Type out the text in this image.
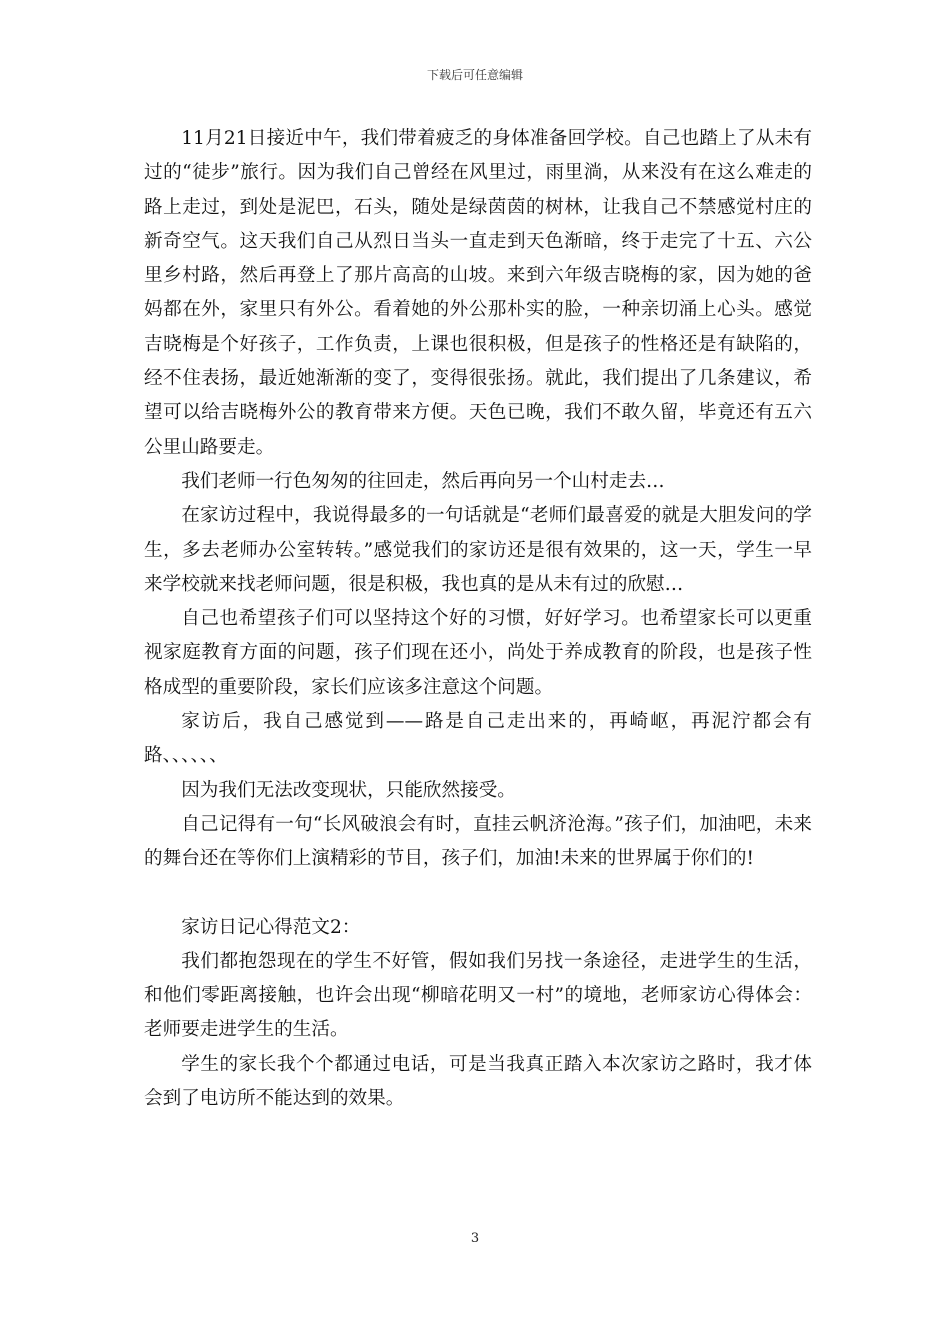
下载后可任意编辑

11月21日接近中午，我们带着疲乏的身体准备回学校。自己也踏上了从未有过的“徒步”旅行。因为我们自己曾经在风里过，雨里淌，从来没有在这么难走的路上走过，到处是泥巴，石头，随处是绿茵茵的树林，让我自己不禁感觉村庄的新奇空气。这天我们自己从烈日当头一直走到天色渐暗，终于走完了十五、六公里乡村路，然后再登上了那片高高的山坡。来到六年级吉晓梅的家，因为她的爸妈都在外，家里只有外公。看着她的外公那朴实的脸，一种亲切涌上心头。感觉吉晓梅是个好孩子，工作负责，上课也很积极，但是孩子的性格还是有缺陷的，经不住表扬，最近她渐渐的变了，变得很张扬。就此，我们提出了几条建议，希望可以给吉晓梅外公的教育带来方便。天色已晚，我们不敢久留，毕竟还有五六公里山路要走。

我们老师一行色匆匆的往回走，然后再向另一个山村走去…

在家访过程中，我说得最多的一句话就是“老师们最喜爱的就是大胆发问的学生，多去老师办公室转转。”感觉我们的家访还是很有效果的，这一天，学生一早来学校就来找老师问题，很是积极，我也真的是从未有过的欣慰…

自己也希望孩子们可以坚持这个好的习惯，好好学习。也希望家长可以更重视家庭教育方面的问题，孩子们现在还小，尚处于养成教育的阶段，也是孩子性格成型的重要阶段，家长们应该多注意这个问题。

家访后，我自己感觉到——路是自己走出来的，再崎岖，再泥泞都会有路、、、、、、

因为我们无法改变现状，只能欣然接受。

自己记得有一句“长风破浪会有时，直挂云帆济沧海。”孩子们，加油吧，未来的舞台还在等你们上演精彩的节目，孩子们，加油!未来的世界属于你们的!

家访日记心得范文2：

我们都抱怨现在的学生不好管，假如我们另找一条途径，走进学生的生活，和他们零距离接触，也许会出现“柳暗花明又一村”的境地，老师家访心得体会：老师要走进学生的生活。

学生的家长我个个都通过电话，可是当我真正踏入本次家访之路时，我才体会到了电访所不能达到的效果。

3
